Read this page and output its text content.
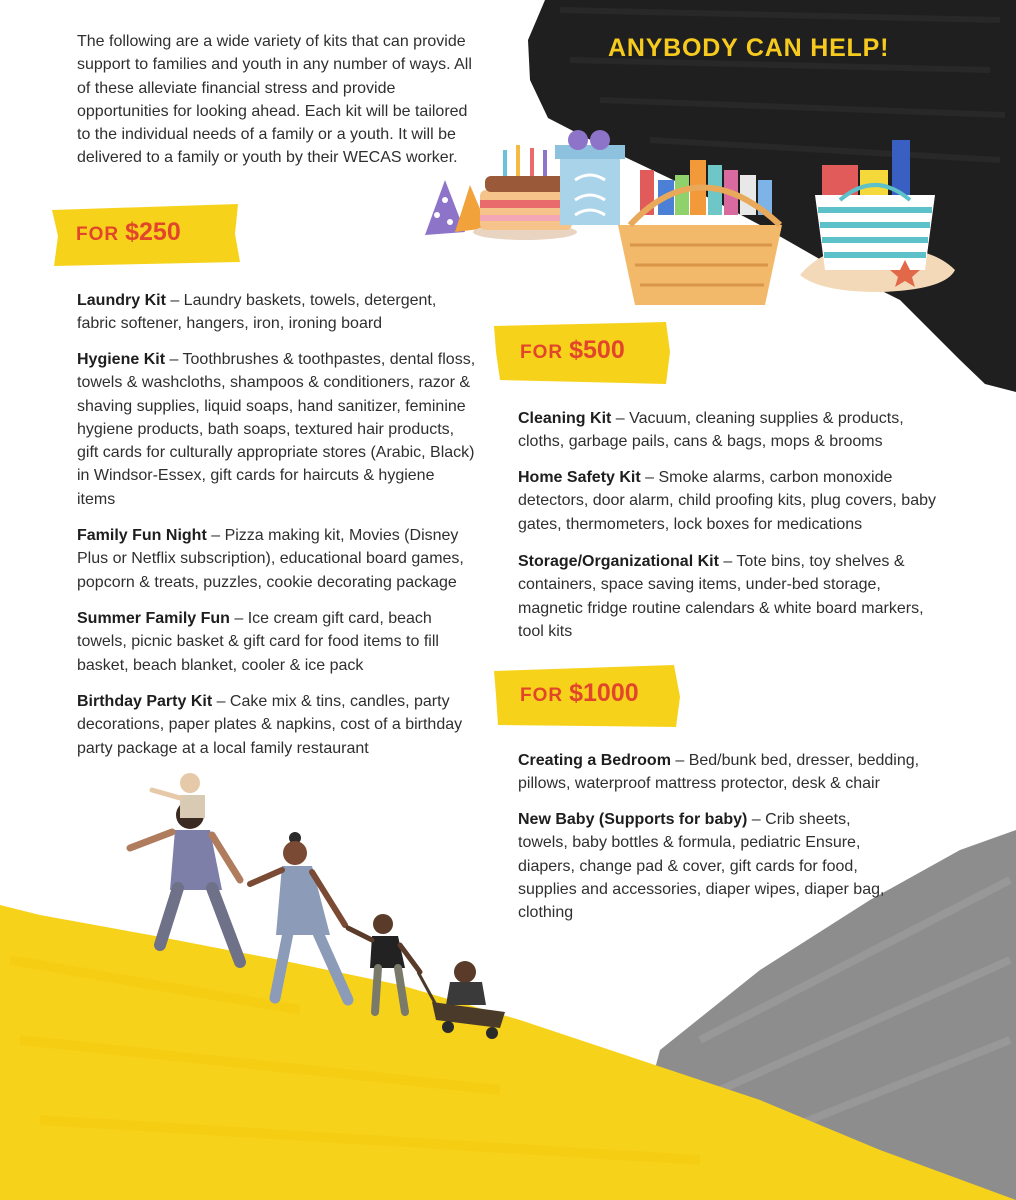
The following are a wide variety of kits that can provide support to families and youth in any number of ways. All of these alleviate financial stress and provide opportunities for looking ahead. Each kit will be tailored to the individual needs of a family or a youth. It will be delivered to a family or youth by their WECAS worker.

ANYBODY CAN HELP!
FOR $250

Laundry Kit – Laundry baskets, towels, detergent, fabric softener, hangers, iron, ironing board

Hygiene Kit – Toothbrushes & toothpastes, dental floss, towels & washcloths, shampoos & conditioners, razor & shaving supplies, liquid soaps, hand sanitizer, feminine hygiene products, bath soaps, textured hair products, gift cards for culturally appropriate stores (Arabic, Black) in Windsor-Essex, gift cards for haircuts & hygiene items

Family Fun Night – Pizza making kit, Movies (Disney Plus or Netflix subscription), educational board games, popcorn & treats, puzzles, cookie decorating package

Summer Family Fun – Ice cream gift card, beach towels, picnic basket & gift card for food items to fill basket, beach blanket, cooler & ice pack

Birthday Party Kit – Cake mix & tins, candles, party decorations, paper plates & napkins, cost of a birthday party package at a local family restaurant

FOR $500

Cleaning Kit – Vacuum, cleaning supplies & products, cloths, garbage pails, cans & bags, mops & brooms

Home Safety Kit – Smoke alarms, carbon monoxide detectors, door alarm, child proofing kits, plug covers, baby gates, thermometers, lock boxes for medications

Storage/Organizational Kit – Tote bins, toy shelves & containers, space saving items, under-bed storage, magnetic fridge routine calendars & white board markers, tool kits

FOR $1000

Creating a Bedroom – Bed/bunk bed, dresser, bedding, pillows, waterproof mattress protector, desk & chair

New Baby (Supports for baby) – Crib sheets, towels, baby bottles & formula, pediatric Ensure, diapers, change pad & cover, gift cards for food, supplies and accessories, diaper wipes, diaper bag, clothing
